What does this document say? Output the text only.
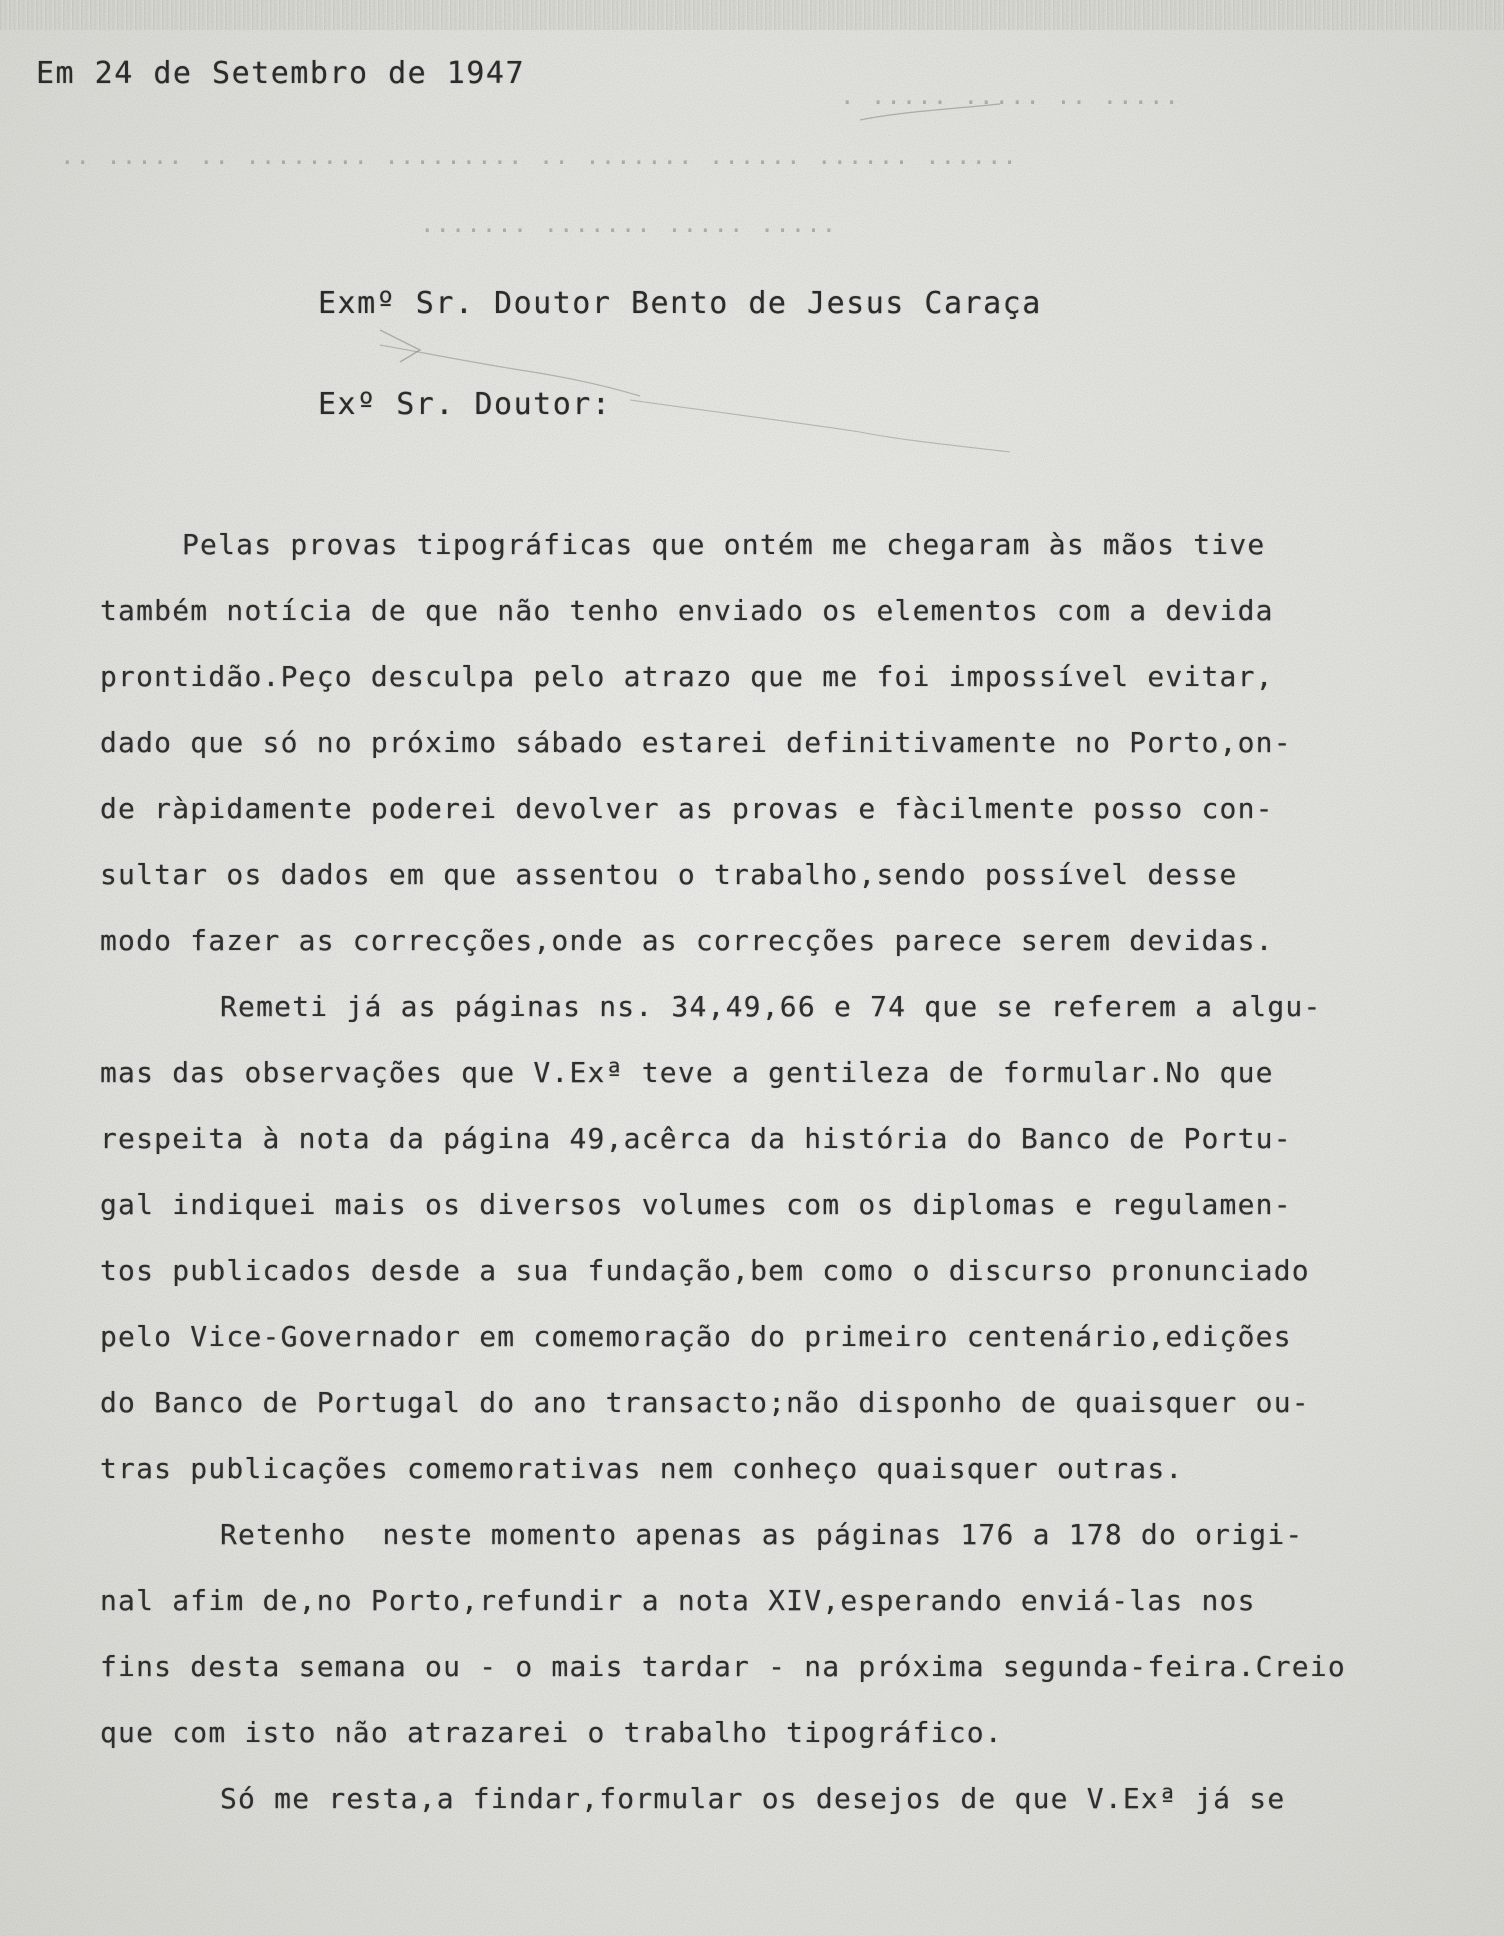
. ..... ..... .. .....
.. ..... .. ........ ......... .. ....... ...... ...... ......
....... ....... ..... .....
Em 24 de Setembro de 1947
Exmº Sr. Doutor Bento de Jesus Caraça
Exº Sr. Doutor:
Pelas provas tipográficas que ontém me chegaram às mãos tive
também notícia de que não tenho enviado os elementos com a devida
prontidão.Peço desculpa pelo atrazo que me foi impossível evitar,
dado que só no próximo sábado estarei definitivamente no Porto,on-
de ràpidamente poderei devolver as provas e fàcilmente posso con-
sultar os dados em que assentou o trabalho,sendo possível desse
modo fazer as correcções,onde as correcções parece serem devidas.
Remeti já as páginas ns. 34,49,66 e 74 que se referem a algu-
mas das observações que V.Exª teve a gentileza de formular.No que
respeita à nota da página 49,acêrca da história do Banco de Portu-
gal indiquei mais os diversos volumes com os diplomas e regulamen-
tos publicados desde a sua fundação,bem como o discurso pronunciado
pelo Vice-Governador em comemoração do primeiro centenário,edições
do Banco de Portugal do ano transacto;não disponho de quaisquer ou-
tras publicações comemorativas nem conheço quaisquer outras.
Retenho  neste momento apenas as páginas 176 a 178 do origi-
nal afim de,no Porto,refundir a nota XIV,esperando enviá-las nos
fins desta semana ou - o mais tardar - na próxima segunda-feira.Creio
que com isto não atrazarei o trabalho tipográfico.
Só me resta,a findar,formular os desejos de que V.Exª já se
